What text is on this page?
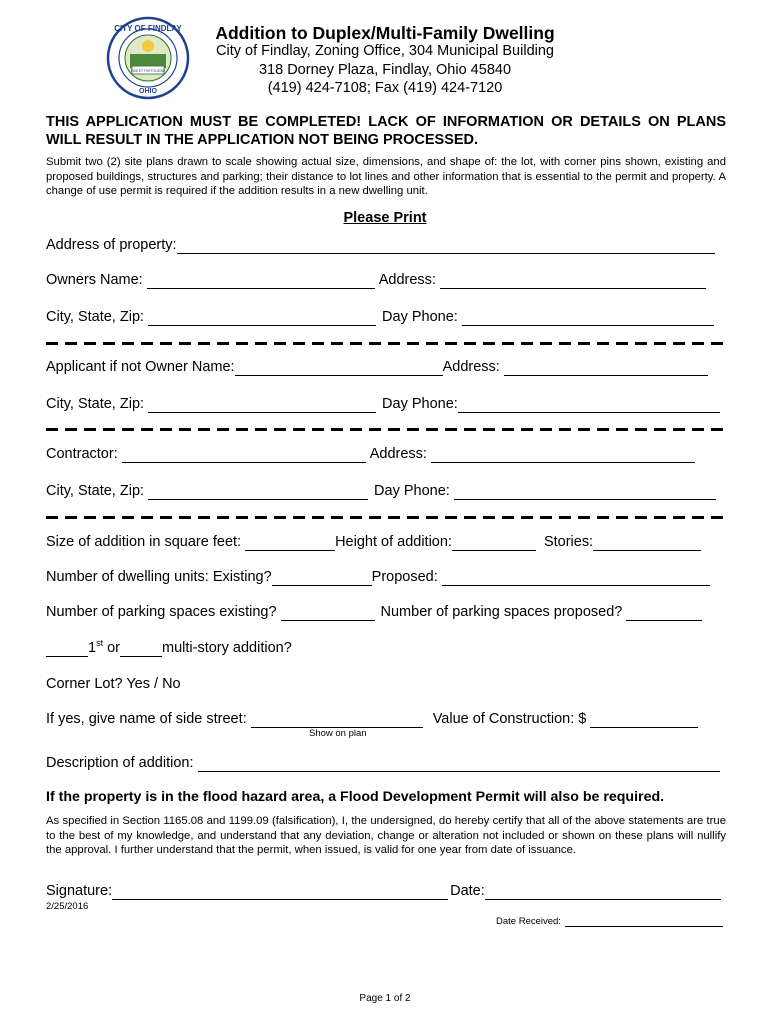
CITY OF FINDLAY
OHIO
FIDE ET FORTITUDINE
Addition to Duplex/Multi-Family Dwelling
City of Findlay, Zoning Office, 304 Municipal Building
318 Dorney Plaza, Findlay, Ohio 45840
(419) 424-7108; Fax (419) 424-7120
THIS APPLICATION MUST BE COMPLETED! LACK OF INFORMATION OR DETAILS ON PLANS WILL RESULT IN THE APPLICATION NOT BEING PROCESSED.
Submit two (2) site plans drawn to scale showing actual size, dimensions, and shape of: the lot, with corner pins shown, existing and proposed buildings, structures and parking; their distance to lot lines and other information that is essential to the permit and property. A change of use permit is required if the addition results in a new dwelling unit.
Please Print
Address of property:
Owners Name:	Address:
City, State, Zip:	Day Phone:
Applicant if not Owner Name:	Address:
City, State, Zip:	Day Phone:
Contractor:	Address:
City, State, Zip:	Day Phone:
Size of addition in square feet:	Height of addition:	Stories:
Number of dwelling units: Existing?	Proposed:
Number of parking spaces existing?	Number of parking spaces proposed?
1st or	multi-story addition?
Corner Lot? Yes / No
If yes, give name of side street:	Value of Construction: $
Show on plan
Description of addition:
If the property is in the flood hazard area, a Flood Development Permit will also be required.
As specified in Section 1165.08 and 1199.09 (falsification), I, the undersigned, do hereby certify that all of the above statements are true to the best of my knowledge, and understand that any deviation, change or alteration not included or shown on these plans will nullify the approval. I further understand that the permit, when issued, is valid for one year from date of issuance.
Signature:	Date:
2/25/2016
Date Received:
Page 1 of 2
